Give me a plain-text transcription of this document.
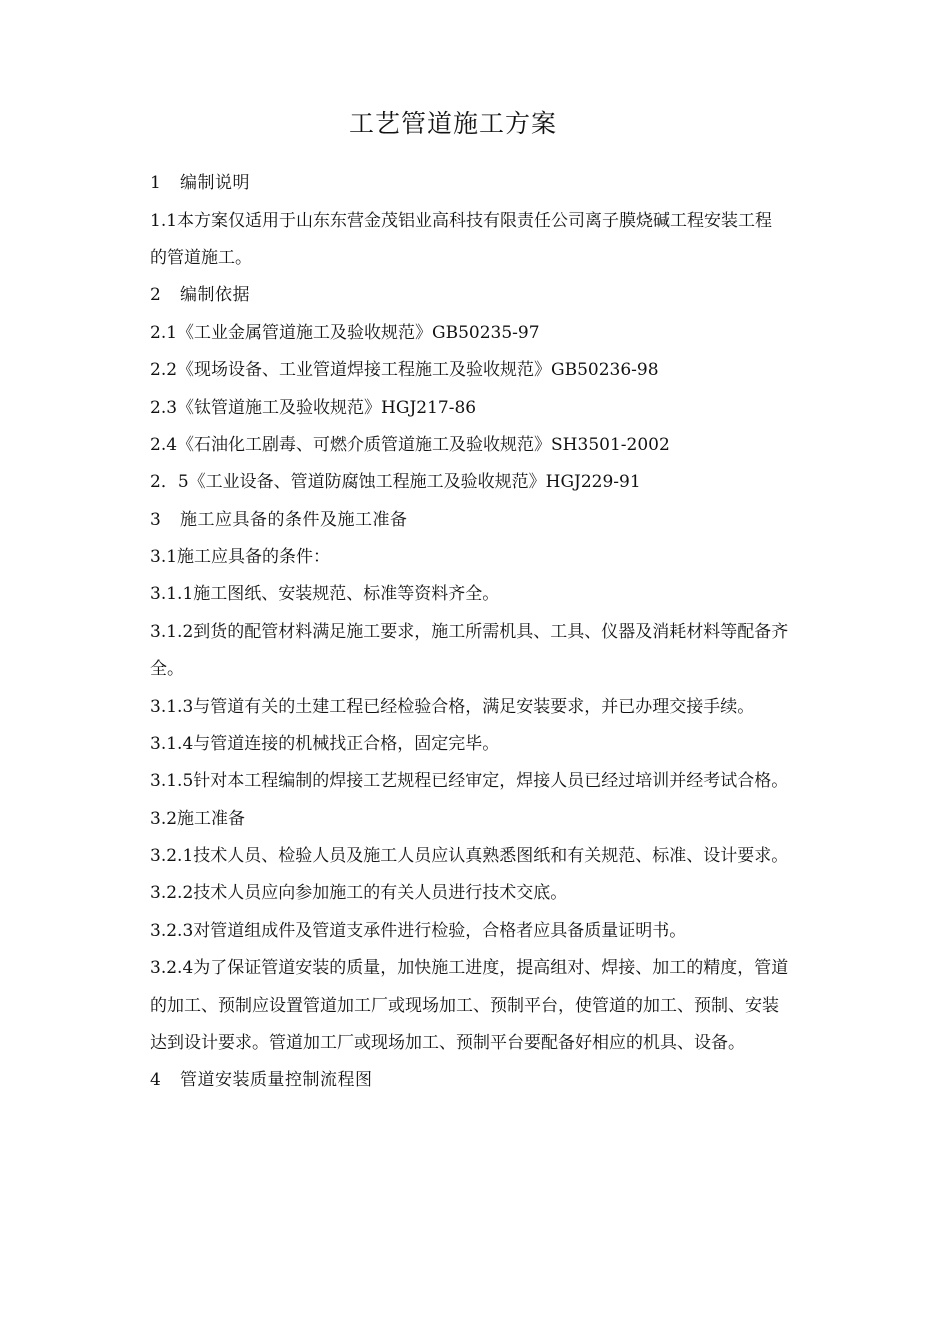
工艺管道施工方案
1 编制说明
1.1本方案仅适用于山东东营金茂铝业高科技有限责任公司离子膜烧碱工程安装工程
的管道施工。
2 编制依据
2.1《工业金属管道施工及验收规范》GB50235-97
2.2《现场设备、工业管道焊接工程施工及验收规范》GB50236-98
2.3《钛管道施工及验收规范》HGJ217-86
2.4《石油化工剧毒、可燃介质管道施工及验收规范》SH3501-2002
2．5《工业设备、管道防腐蚀工程施工及验收规范》HGJ229-91
3 施工应具备的条件及施工准备
3.1施工应具备的条件：
3.1.1施工图纸、安装规范、标准等资料齐全。
3.1.2到货的配管材料满足施工要求，施工所需机具、工具、仪器及消耗材料等配备齐
全。
3.1.3与管道有关的土建工程已经检验合格，满足安装要求，并已办理交接手续。
3.1.4与管道连接的机械找正合格，固定完毕。
3.1.5针对本工程编制的焊接工艺规程已经审定，焊接人员已经过培训并经考试合格。
3.2施工准备
3.2.1技术人员、检验人员及施工人员应认真熟悉图纸和有关规范、标准、设计要求。
3.2.2技术人员应向参加施工的有关人员进行技术交底。
3.2.3对管道组成件及管道支承件进行检验，合格者应具备质量证明书。
3.2.4为了保证管道安装的质量，加快施工进度，提高组对、焊接、加工的精度，管道
的加工、预制应设置管道加工厂或现场加工、预制平台，使管道的加工、预制、安装
达到设计要求。管道加工厂或现场加工、预制平台要配备好相应的机具、设备。
4 管道安装质量控制流程图
